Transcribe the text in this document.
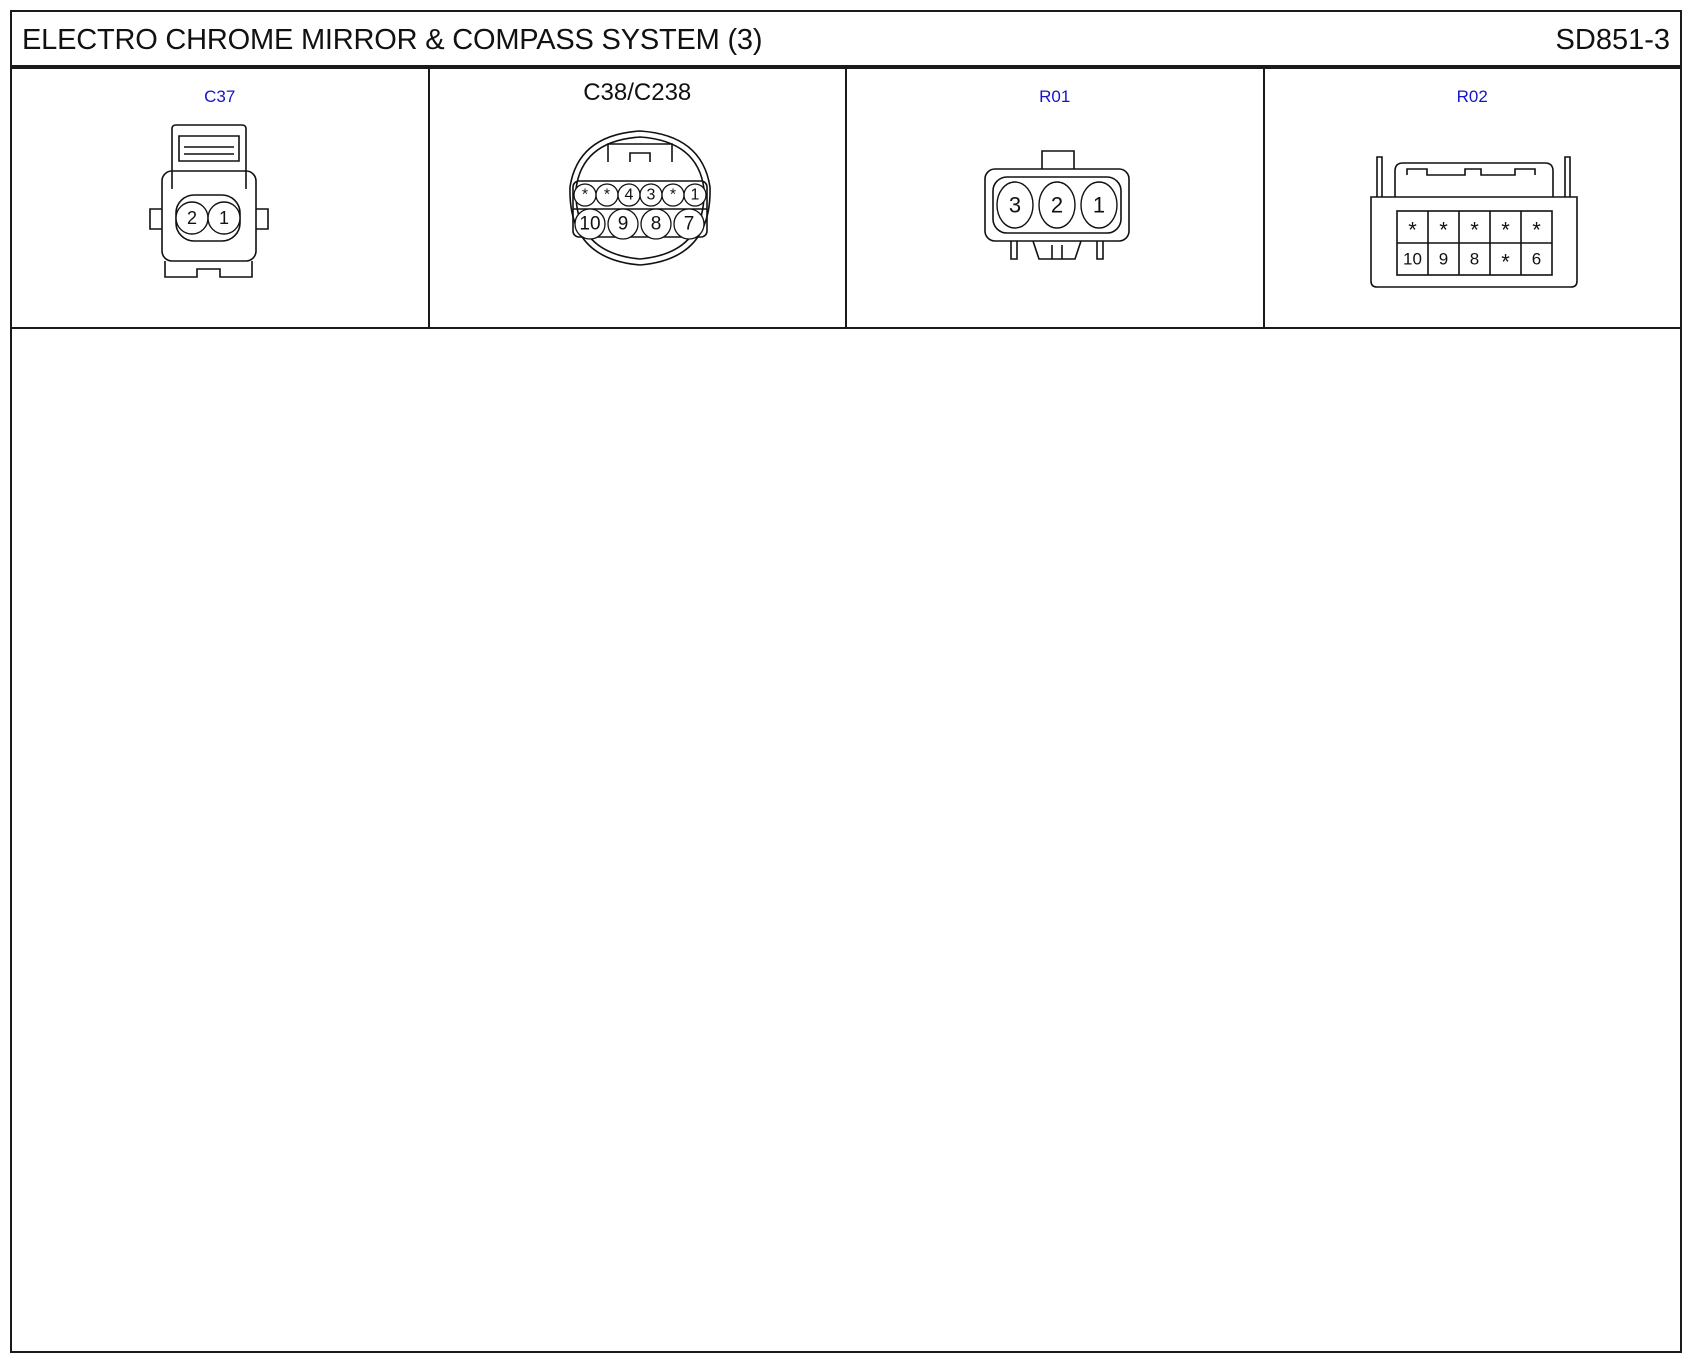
ELECTRO CHROME MIRROR & COMPASS SYSTEM (3)	SD851-3
C37
2 1
C38/C238
* * 4 3 * 1
10 9 8 7
R01
3 2 1
R02
* * * * *
10 9 8 * 6
